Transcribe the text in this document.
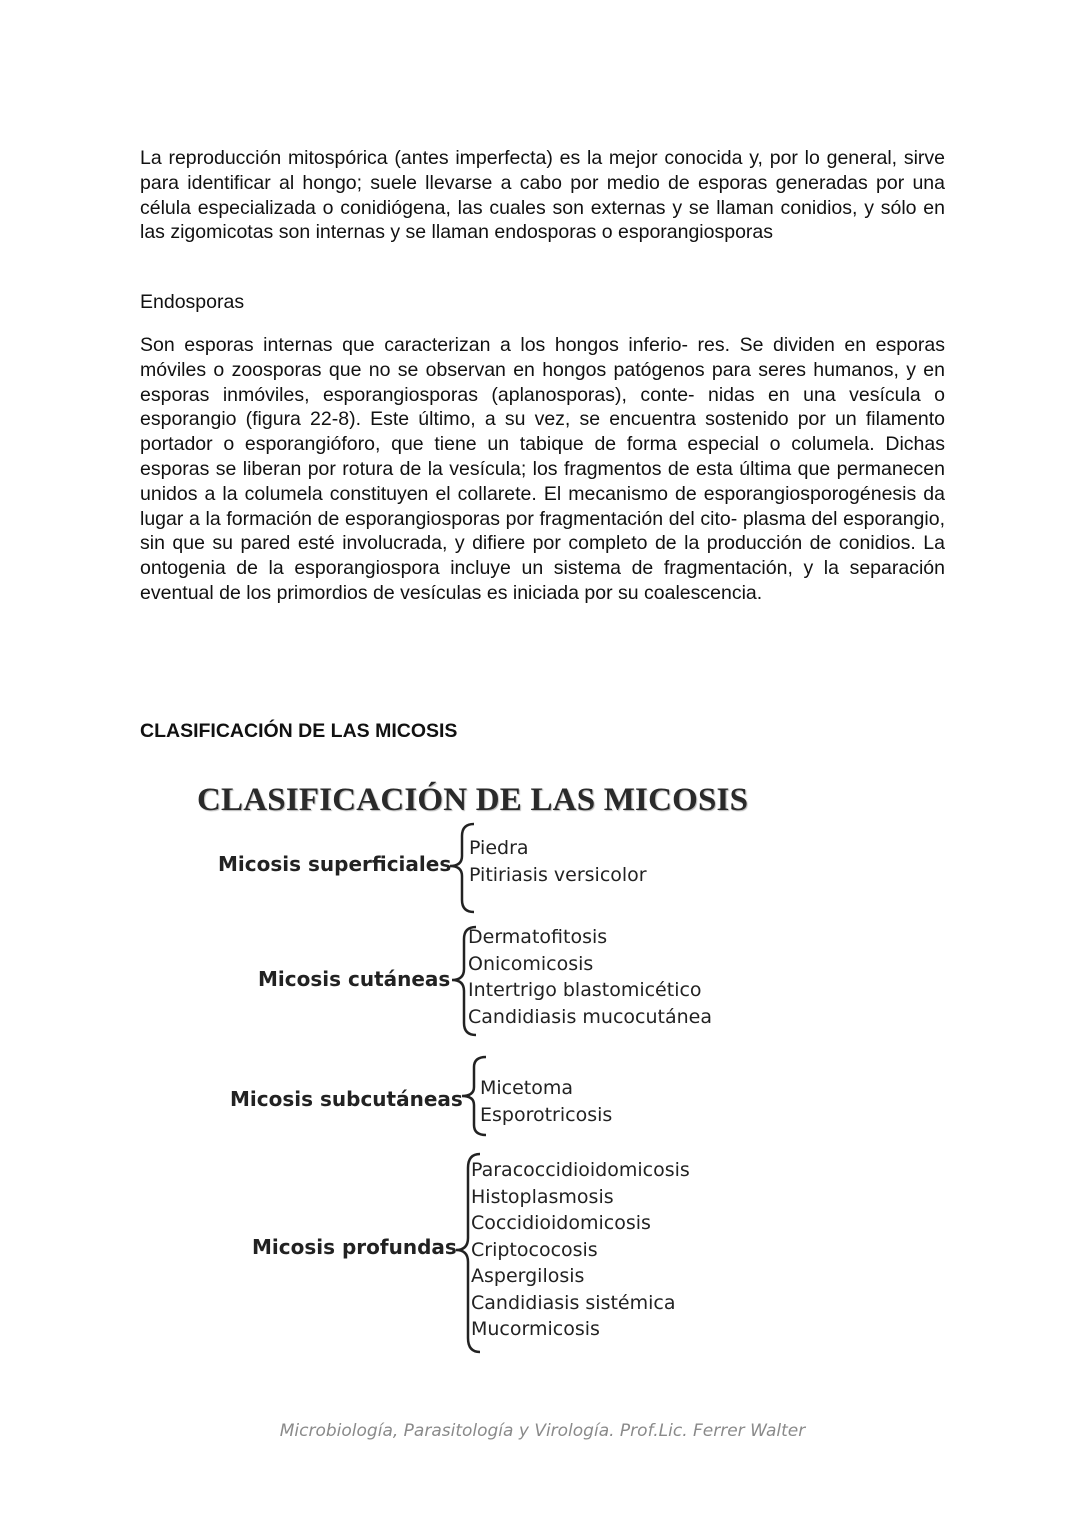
La reproducción mitospórica (antes imperfecta) es la mejor conocida y, por lo general, sirve para identificar al hongo; suele llevarse a cabo por medio de esporas generadas por una célula especializada o conidiógena, las cuales son externas y se llaman conidios, y sólo en las zigomicotas son internas y se llaman endosporas o esporangiosporas

Endosporas

Son esporas internas que caracterizan a los hongos inferio- res. Se dividen en esporas móviles o zoosporas que no se observan en hongos patógenos para seres humanos, y en esporas inmóviles, esporangiosporas (aplanosporas), conte- nidas en una vesícula o esporangio (figura 22-8). Este último, a su vez, se encuentra sostenido por un filamento portador o esporangióforo, que tiene un tabique de forma especial o columela. Dichas esporas se liberan por rotura de la vesícula; los fragmentos de esta última que permanecen unidos a la columela constituyen el collarete. El mecanismo de esporangiosporogénesis da lugar a la formación de esporangiosporas por fragmentación del cito- plasma del esporangio, sin que su pared esté involucrada, y difiere por completo de la producción de conidios. La ontogenia de la esporangiospora incluye un sistema de fragmentación, y la separación eventual de los primordios de vesículas es iniciada por su coalescencia.

CLASIFICACIÓN DE LAS MICOSIS
CLASIFICACIÓN DE LAS MICOSIS
Micosis superficiales
Piedra
Pitiriasis versicolor
Micosis cutáneas
Dermatofitosis
Onicomicosis
Intertrigo blastomicético
Candidiasis mucocutánea
Micosis subcutáneas Micetoma
Esporotricosis
Micosis profundas
Paracoccidioidomicosis
Histoplasmosis
Coccidioidomicosis
Criptococosis
Aspergilosis
Candidiasis sistémica
Mucormicosis

Microbiología, Parasitología y Virología. Prof.Lic. Ferrer Walter
